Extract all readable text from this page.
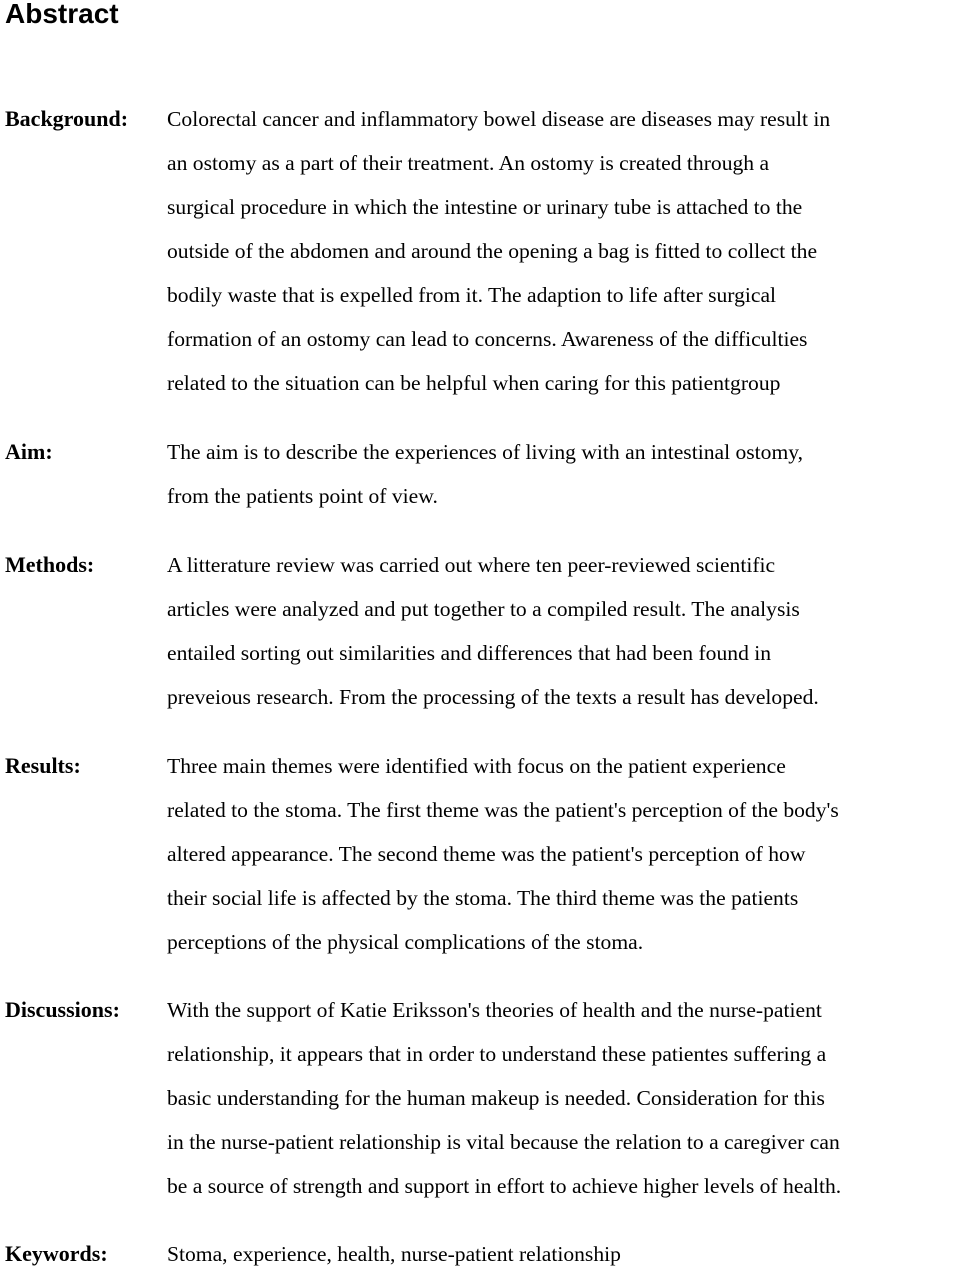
Abstract
Background: Colorectal cancer and inflammatory bowel disease are diseases may result in
an ostomy as a part of their treatment. An ostomy is created through a
surgical procedure in which the intestine or urinary tube is attached to the
outside of the abdomen and around the opening a bag is fitted to collect the
bodily waste that is expelled from it. The adaption to life after surgical
formation of an ostomy can lead to concerns. Awareness of the difficulties
related to the situation can be helpful when caring for this patientgroup
Aim:	The aim is to describe the experiences of living with an intestinal ostomy,
from the patients point of view.
Methods:	A litterature review was carried out where ten peer-reviewed scientific
articles were analyzed and put together to a compiled result. The analysis
entailed sorting out similarities and differences that had been found in
preveious research. From the processing of the texts a result has developed.
Results:	Three main themes were identified with focus on the patient experience
related to the stoma. The first theme was the patient's perception of the body's
altered appearance. The second theme was the patient's perception of how
their social life is affected by the stoma. The third theme was the patients
perceptions of the physical complications of the stoma.
Discussions: With the support of Katie Eriksson's theories of health and the nurse-patient
relationship, it appears that in order to understand these patientes suffering a
basic understanding for the human makeup is needed. Consideration for this
in the nurse-patient relationship is vital because the relation to a caregiver can
be a source of strength and support in effort to achieve higher levels of health.
Keywords:	Stoma, experience, health, nurse-patient relationship
